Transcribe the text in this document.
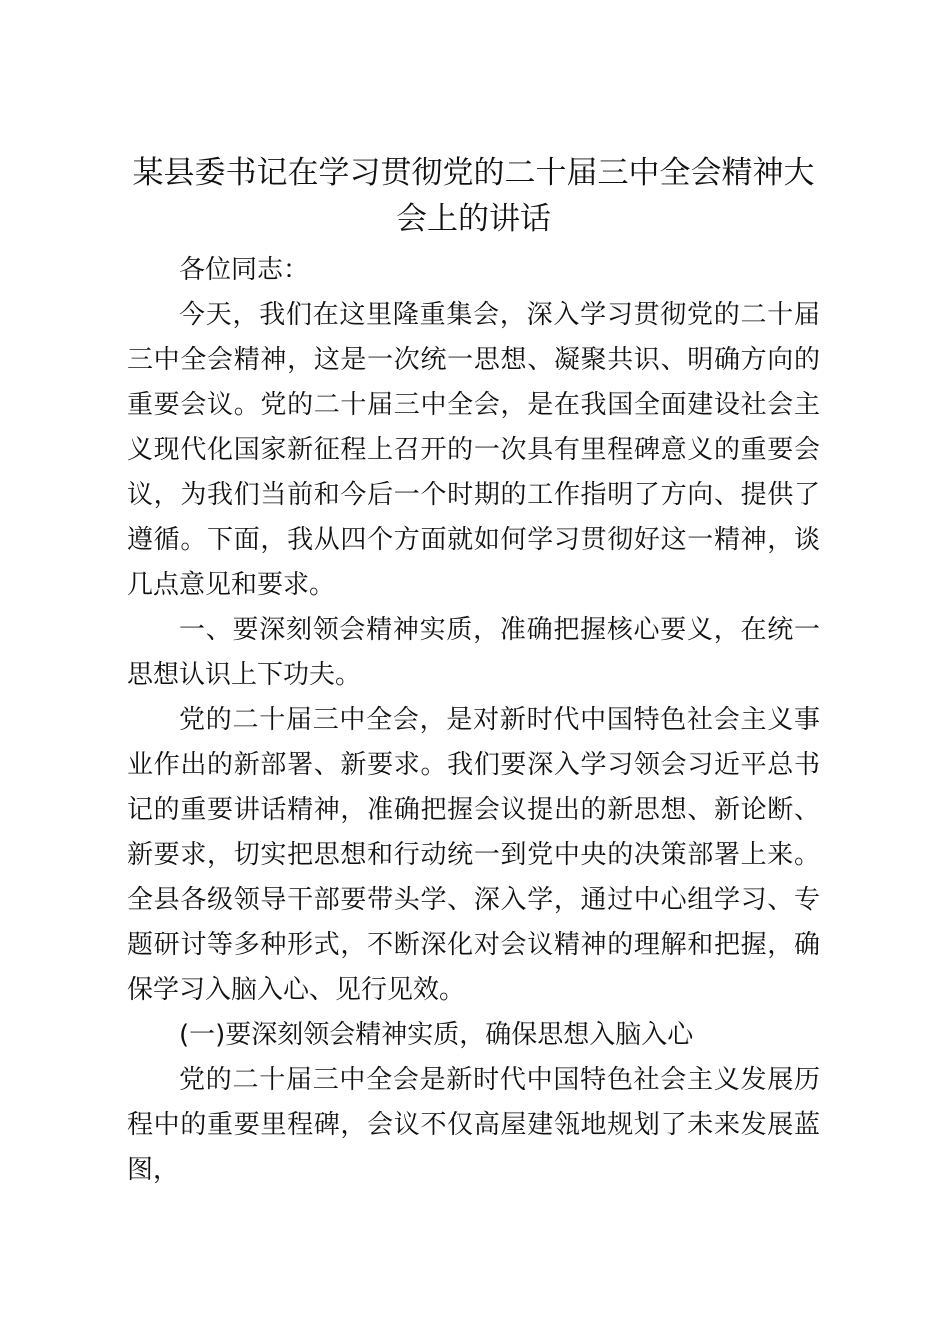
某县委书记在学习贯彻党的二十届三中全会精神大会上的讲话

各位同志：

今天，我们在这里隆重集会，深入学习贯彻党的二十届三中全会精神，这是一次统一思想、凝聚共识、明确方向的重要会议。党的二十届三中全会，是在我国全面建设社会主义现代化国家新征程上召开的一次具有里程碑意义的重要会议，为我们当前和今后一个时期的工作指明了方向、提供了遵循。下面，我从四个方面就如何学习贯彻好这一精神，谈几点意见和要求。

一、要深刻领会精神实质，准确把握核心要义，在统一思想认识上下功夫。

党的二十届三中全会，是对新时代中国特色社会主义事业作出的新部署、新要求。我们要深入学习领会习近平总书记的重要讲话精神，准确把握会议提出的新思想、新论断、新要求，切实把思想和行动统一到党中央的决策部署上来。全县各级领导干部要带头学、深入学，通过中心组学习、专题研讨等多种形式，不断深化对会议精神的理解和把握，确保学习入脑入心、见行见效。

(一)要深刻领会精神实质，确保思想入脑入心

党的二十届三中全会是新时代中国特色社会主义发展历程中的重要里程碑，会议不仅高屋建瓴地规划了未来发展蓝图，
